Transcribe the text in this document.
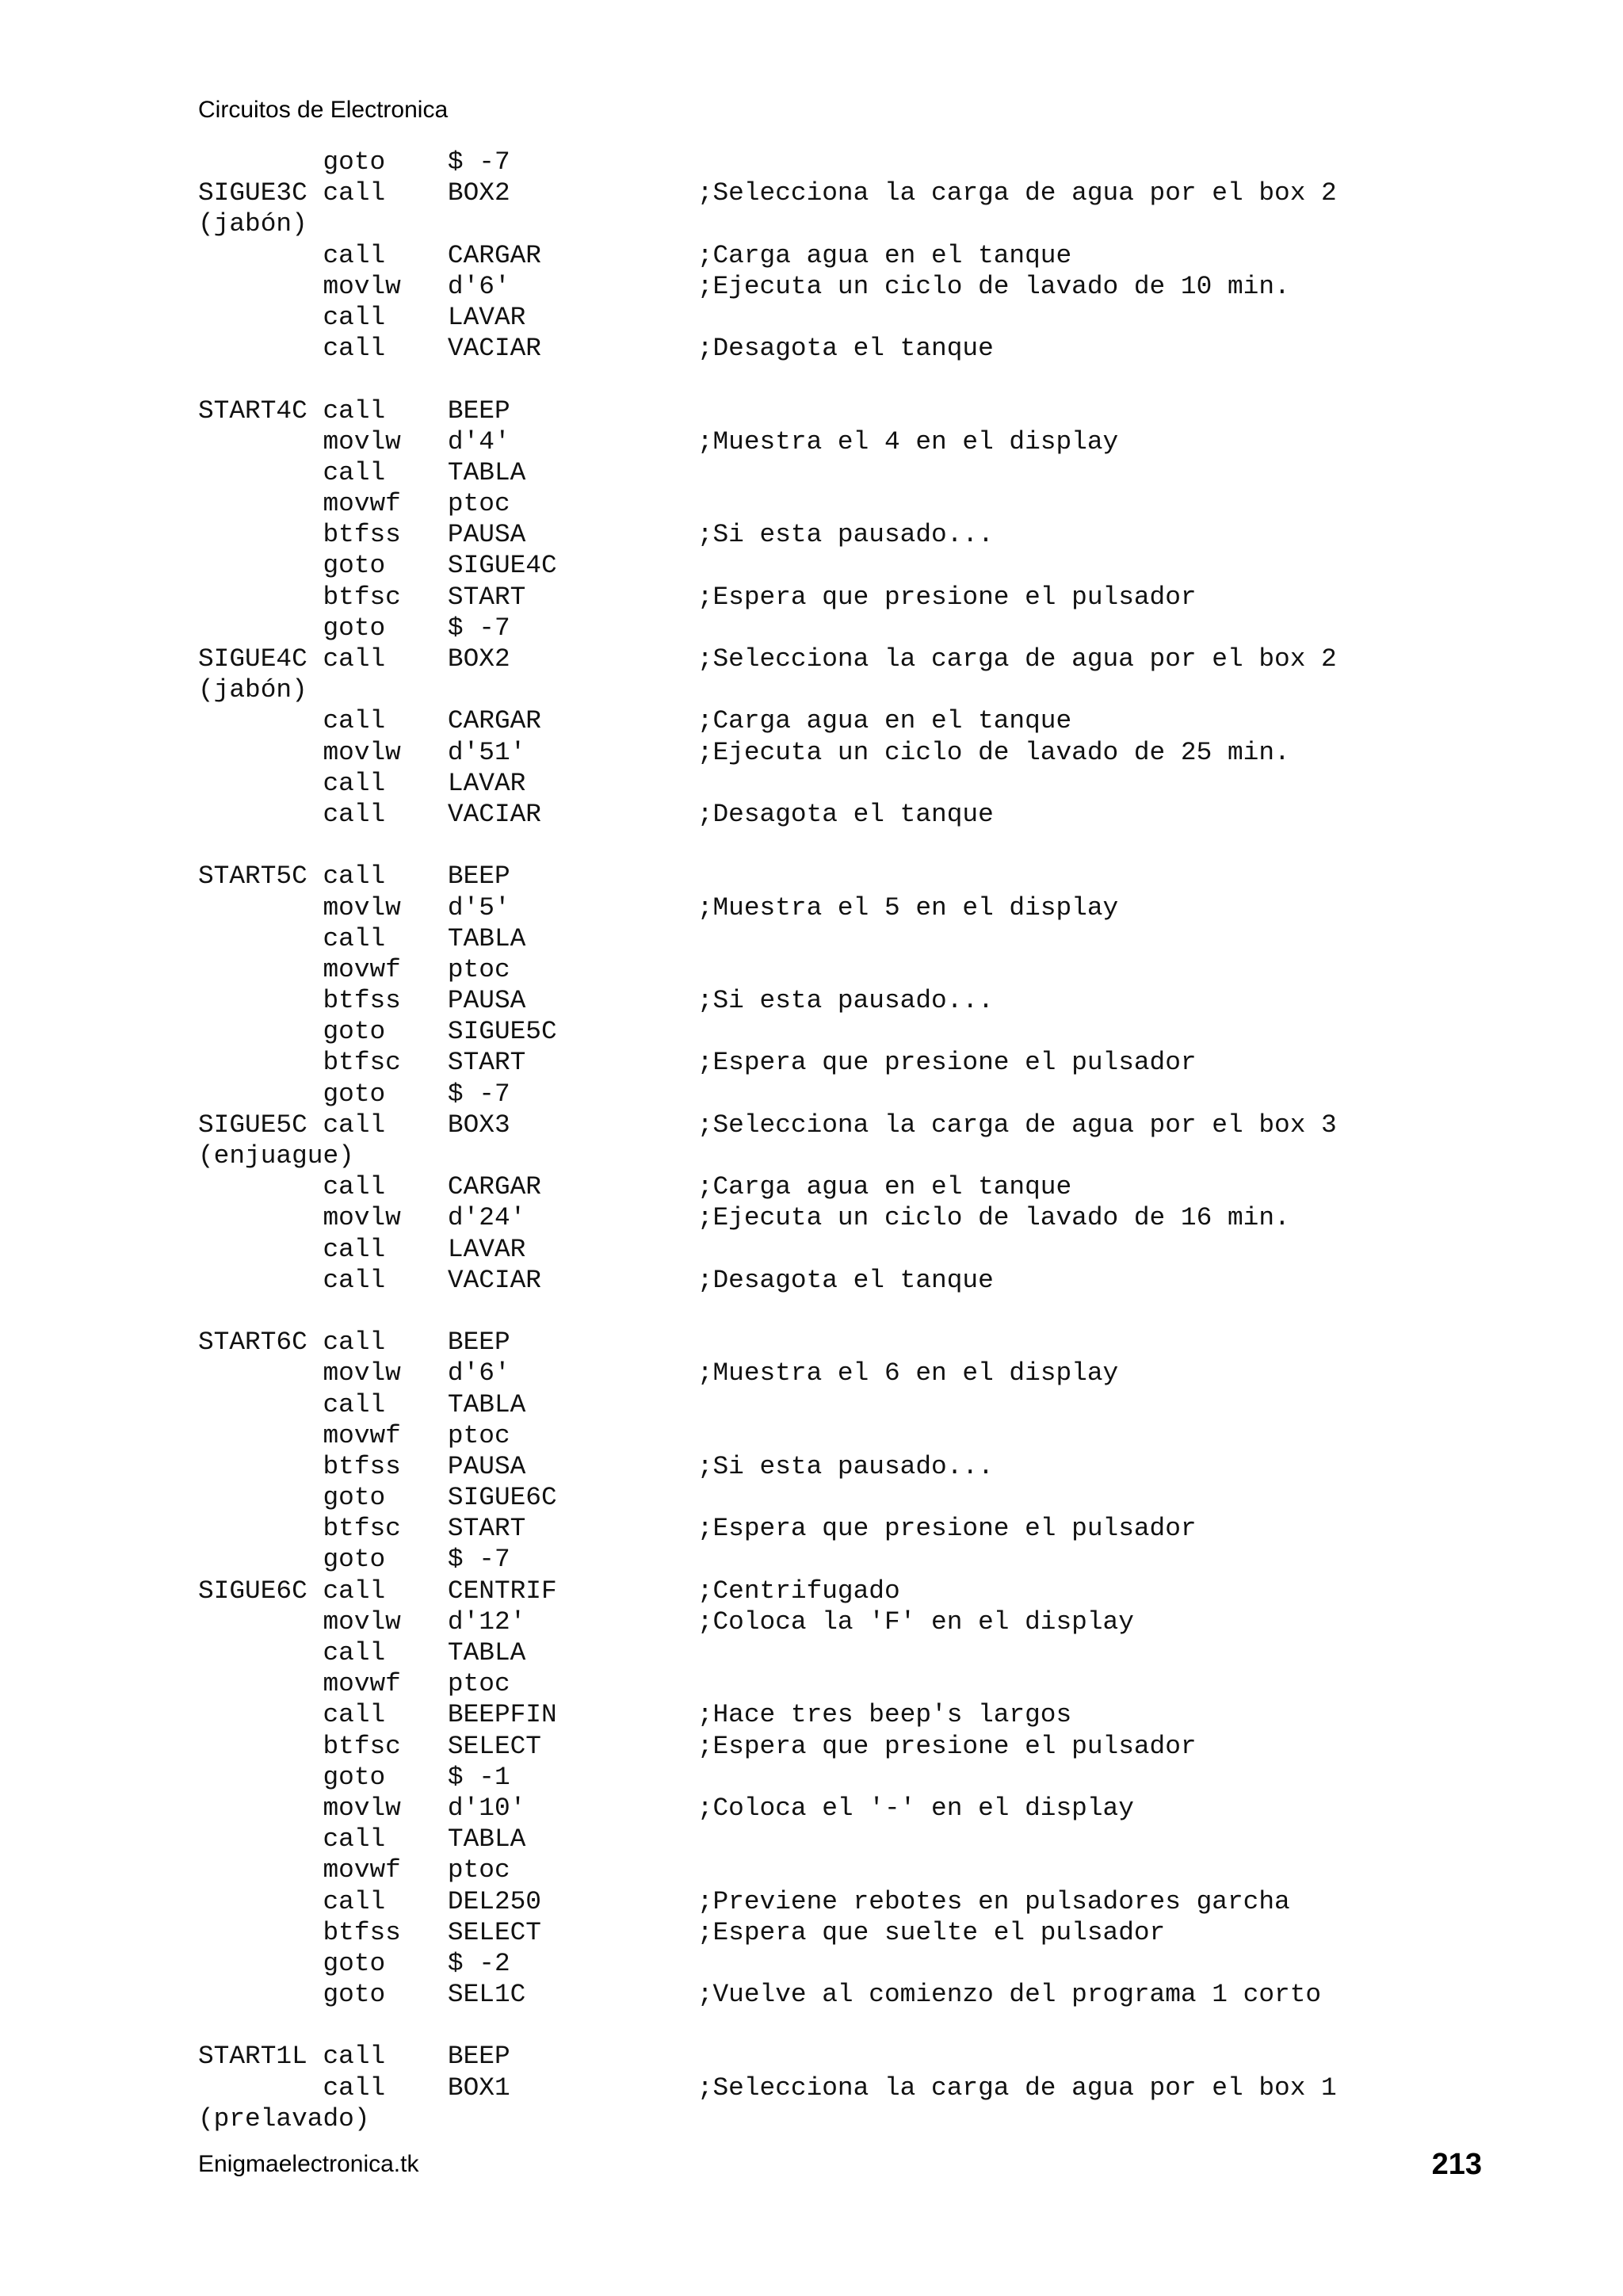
Circuitos de Electronica
goto    $ -7
SIGUE3C call    BOX2            ;Selecciona la carga de agua por el box 2
(jabón)
call    CARGAR          ;Carga agua en el tanque
movlw   d'6'            ;Ejecuta un ciclo de lavado de 10 min.
call    LAVAR
call    VACIAR          ;Desagota el tanque

START4C call    BEEP
movlw   d'4'            ;Muestra el 4 en el display
call    TABLA
movwf   ptoc
btfss   PAUSA           ;Si esta pausado...
goto    SIGUE4C
btfsc   START           ;Espera que presione el pulsador
goto    $ -7
SIGUE4C call    BOX2            ;Selecciona la carga de agua por el box 2
(jabón)
call    CARGAR          ;Carga agua en el tanque
movlw   d'51'           ;Ejecuta un ciclo de lavado de 25 min.
call    LAVAR
call    VACIAR          ;Desagota el tanque

START5C call    BEEP
movlw   d'5'            ;Muestra el 5 en el display
call    TABLA
movwf   ptoc
btfss   PAUSA           ;Si esta pausado...
goto    SIGUE5C
btfsc   START           ;Espera que presione el pulsador
goto    $ -7
SIGUE5C call    BOX3            ;Selecciona la carga de agua por el box 3
(enjuague)
call    CARGAR          ;Carga agua en el tanque
movlw   d'24'           ;Ejecuta un ciclo de lavado de 16 min.
call    LAVAR
call    VACIAR          ;Desagota el tanque

START6C call    BEEP
movlw   d'6'            ;Muestra el 6 en el display
call    TABLA
movwf   ptoc
btfss   PAUSA           ;Si esta pausado...
goto    SIGUE6C
btfsc   START           ;Espera que presione el pulsador
goto    $ -7
SIGUE6C call    CENTRIF         ;Centrifugado
movlw   d'12'           ;Coloca la 'F' en el display
call    TABLA
movwf   ptoc
call    BEEPFIN         ;Hace tres beep's largos
btfsc   SELECT          ;Espera que presione el pulsador
goto    $ -1
movlw   d'10'           ;Coloca el '-' en el display
call    TABLA
movwf   ptoc
call    DEL250          ;Previene rebotes en pulsadores garcha
btfss   SELECT          ;Espera que suelte el pulsador
goto    $ -2
goto    SEL1C           ;Vuelve al comienzo del programa 1 corto

START1L call    BEEP
call    BOX1            ;Selecciona la carga de agua por el box 1
(prelavado)
Enigmaelectronica.tk	213
